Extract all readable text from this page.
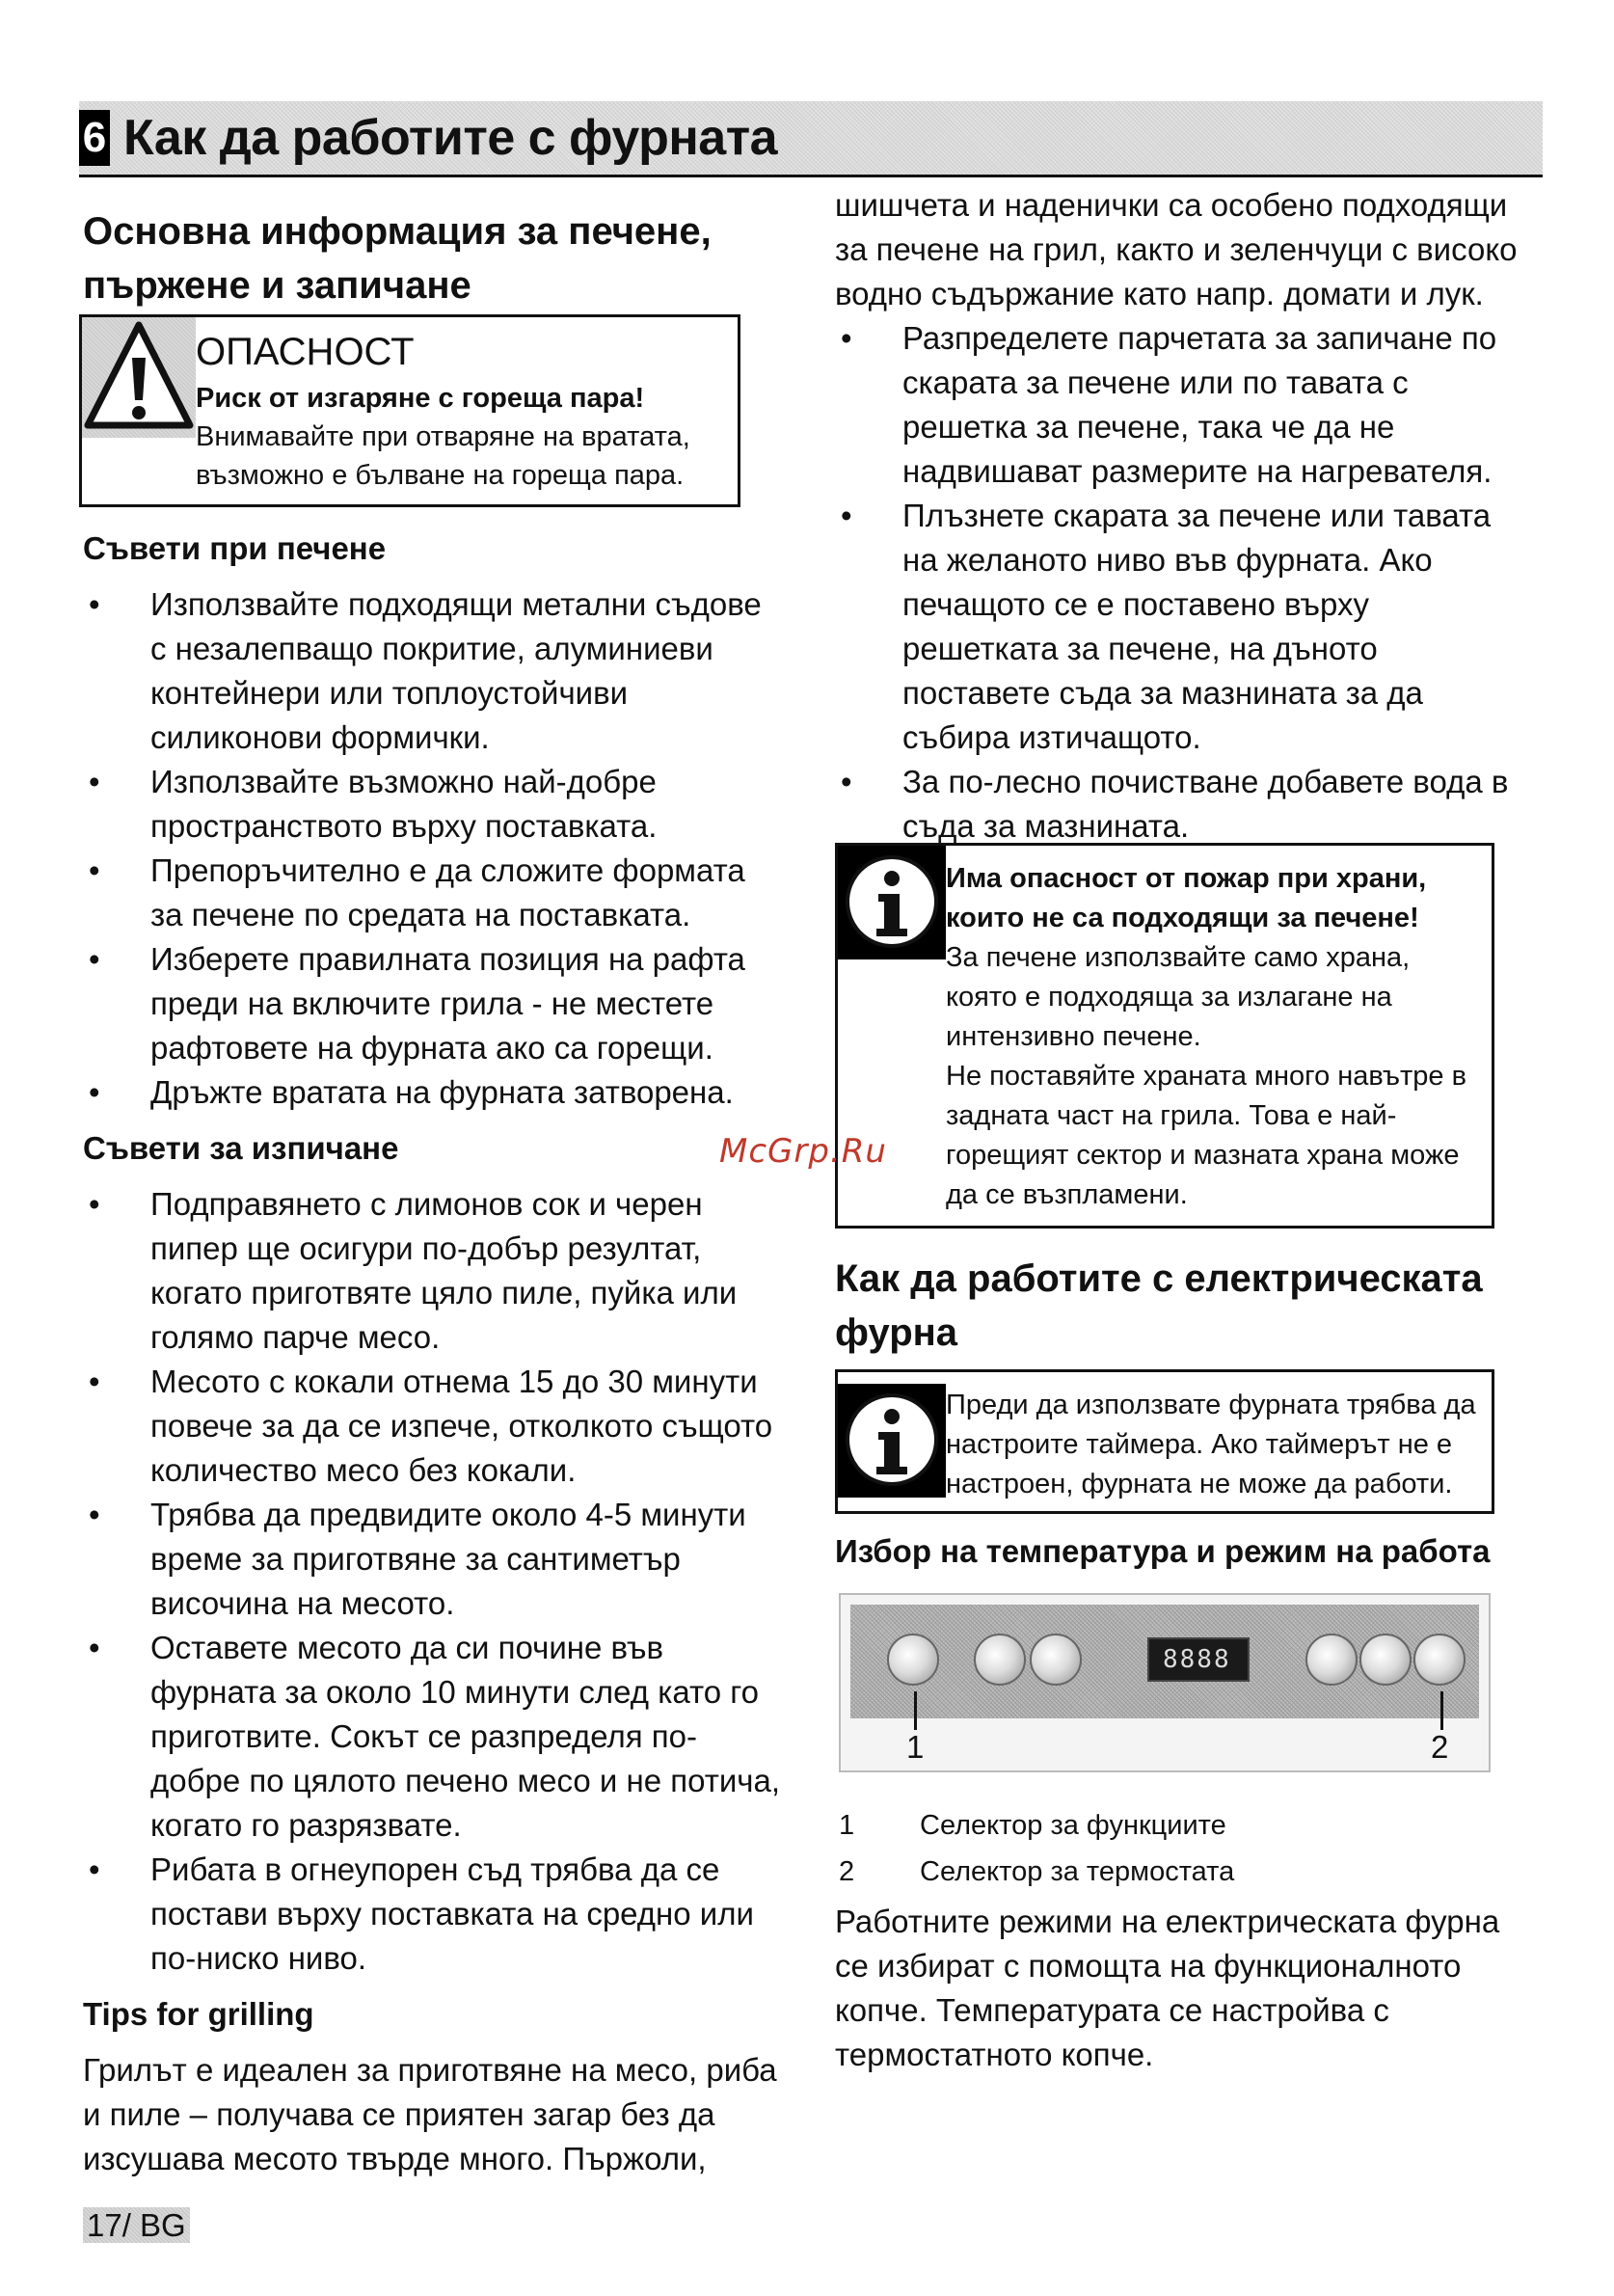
6 Как да работите с фурната

Основна информация за печене,

пържене и запичане

ОПАСНОСТ
Риск от изгаряне с гореща пара!
Внимавайте при отваряне на вратата,
възможно е бълване на гореща пара.

Съвети при печене

• Използвайте подходящи метални съдове
с незалепващо покритие, алуминиеви
контейнери или топлоустойчиви
силиконови формички.
• Използвайте възможно най-добре
пространството върху поставката.
• Препоръчително е да сложите формата
за печене по средата на поставката.
• Изберете правилната позиция на рафта
преди на включите грила - не местете
рафтовете на фурната ако са горещи.
• Дръжте вратата на фурната затворена.

Съвети за изпичане

• Подправянето с лимонов сок и черен
пипер ще осигури по-добър резултат,
когато приготвяте цяло пиле, пуйка или
голямо парче месо.
• Месото с кокали отнема 15 до 30 минути
повече за да се изпече, отколкото същото
количество месо без кокали.
• Трябва да предвидите около 4-5 минути
време за приготвяне за сантиметър
височина на месото.
• Оставете месото да си почине във
фурната за около 10 минути след като го
приготвите. Сокът се разпределя по-
добре по цялото печено месо и не потича,
когато го разрязвате.
• Рибата в огнеупорен съд трябва да се
постави върху поставката на средно или
по-ниско ниво.

Tips for grilling

Грилът е идеален за приготвяне на месо, риба

и пиле – получава се приятен загар без да

изсушава месото твърде много. Пържоли,

шишчета и наденички са особено подходящи

за печене на грил, както и зеленчуци с високо

водно съдържание като напр. домати и лук.

• Разпределете парчетата за запичане по
скарата за печене или по тавата с
решетка за печене, така че да не
надвишават размерите на нагревателя.
• Плъзнете скарата за печене или тавата
на желаното ниво във фурната. Ако
печащото се е поставено върху
решетката за печене, на дъното
поставете съда за мазнината за да
събира изтичащото.
• За по-лесно почистване добавете вода в
съда за мазнината.

Има опасност от пожар при храни,

които не са подходящи за печене!

За печене използвайте само храна,

която е подходяща за излагане на

интензивно печене.

Не поставяйте храната много навътре в

задната част на грила. Това е най-

горещият сектор и мазната храна може

да се възпламени.

Как да работите с електрическата

фурна

Преди да използвате фурната трябва да

настроите таймера. Ако таймерът не е

настроен, фурната не може да работи.

Избор на температура и режим на работа

8888
1	2
1 Селектор за функциите
2 Селектор за термостата

Работните режими на електрическата фурна

се избират с помощта на функционалното

копче. Температурата се настройва с

термостатното копче.

McGrp.Ru
17/ BG
